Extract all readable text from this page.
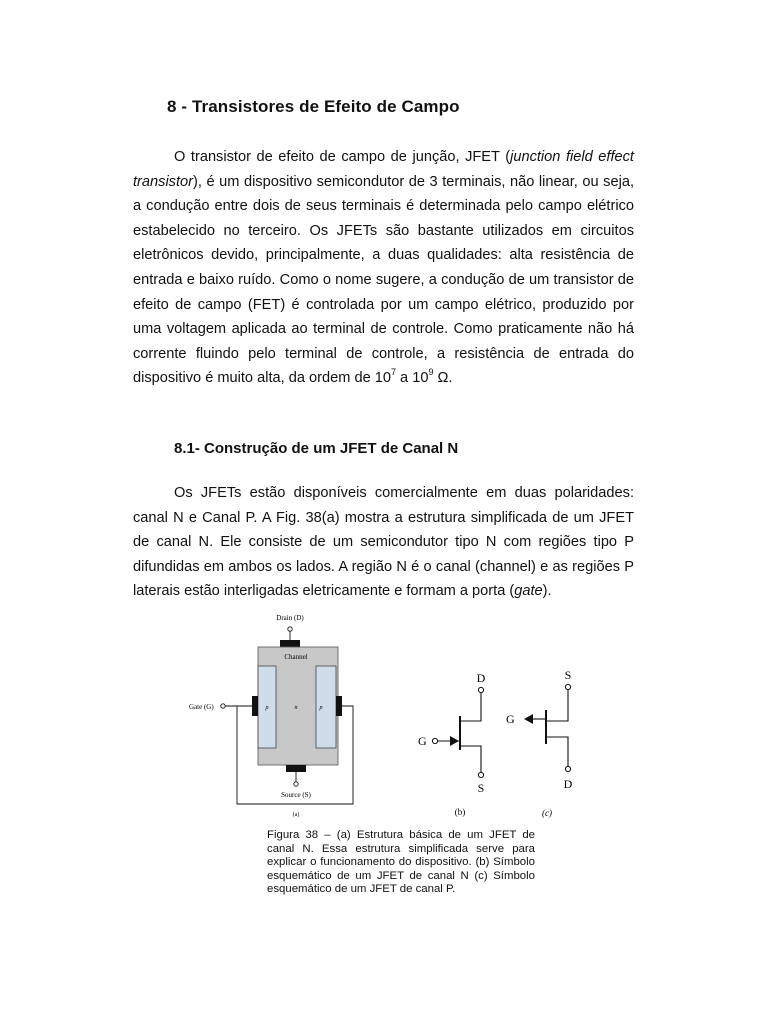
8 - Transistores de Efeito de Campo

O transistor de efeito de campo de junção, JFET (junction field effect transistor), é um dispositivo semicondutor de 3 terminais, não linear, ou seja, a condução entre dois de seus terminais é determinada pelo campo elétrico estabelecido no terceiro. Os JFETs são bastante utilizados em circuitos eletrônicos devido, principalmente, a duas qualidades: alta resistência de entrada e baixo ruído. Como o nome sugere, a condução de um transistor de efeito de campo (FET) é controlada por um campo elétrico, produzido por uma voltagem aplicada ao terminal de controle. Como praticamente não há corrente fluindo pelo terminal de controle, a resistência de entrada do dispositivo é muito alta, da ordem de $10^7$ a $10^9$ Ω.

8.1- Construção de um JFET de Canal N

Os JFETs estão disponíveis comercialmente em duas polaridades: canal N e Canal P. A Fig. 38(a) mostra a estrutura simplificada de um JFET de canal N. Ele consiste de um semicondutor tipo N com regiões tipo P difundidas em ambos os lados. A região N é o canal (channel) e as regiões P laterais estão interligadas eletricamente e formam a porta (gate).

Drain (D)
Channel
p	n	p
Gate (G)
Source (S)
(a)
D
S
G
(b)
S
D
G
(c)

Figura 38 – (a) Estrutura básica de um JFET de canal N. Essa estrutura simplificada serve para explicar o funcionamento do dispositivo. (b) Símbolo esquemático de um JFET de canal N (c) Símbolo esquemático de um JFET de canal P.
